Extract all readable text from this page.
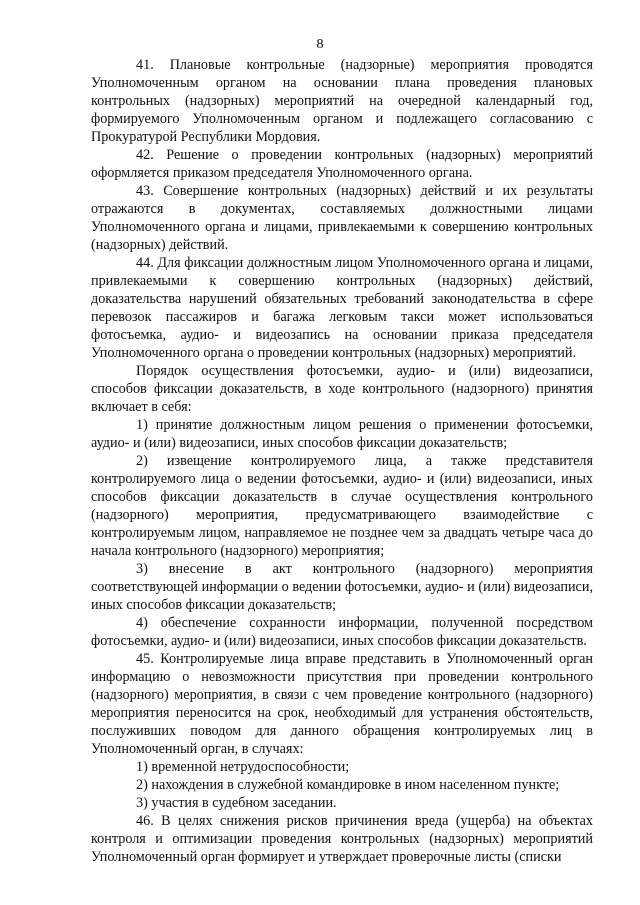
8

41. Плановые контрольные (надзорные) мероприятия проводятся Уполномоченным органом на основании плана проведения плановых контрольных (надзорных) мероприятий на очередной календарный год, формируемого Уполномоченным органом и подлежащего согласованию с Прокуратурой Республики Мордовия.

42. Решение о проведении контрольных (надзорных) мероприятий оформляется приказом председателя Уполномоченного органа.

43. Совершение контрольных (надзорных) действий и их результаты отражаются в документах, составляемых должностными лицами Уполномоченного органа и лицами, привлекаемыми к совершению контрольных (надзорных) действий.

44. Для фиксации должностным лицом Уполномоченного органа и лицами, привлекаемыми к совершению контрольных (надзорных) действий, доказательства нарушений обязательных требований законодательства в сфере перевозок пассажиров и багажа легковым такси может использоваться фотосъемка, аудио- и видеозапись на основании приказа председателя Уполномоченного органа о проведении контрольных (надзорных) мероприятий.

Порядок осуществления фотосъемки, аудио- и (или) видеозаписи, способов фиксации доказательств, в ходе контрольного (надзорного) принятия включает в себя:

1) принятие должностным лицом решения о применении фотосъемки, аудио- и (или) видеозаписи, иных способов фиксации доказательств;

2) извещение контролируемого лица, а также представителя контролируемого лица о ведении фотосъемки, аудио- и (или) видеозаписи, иных способов фиксации доказательств в случае осуществления контрольного (надзорного) мероприятия, предусматривающего взаимодействие с контролируемым лицом, направляемое не позднее чем за двадцать четыре часа до начала контрольного (надзорного) мероприятия;

3) внесение в акт контрольного (надзорного) мероприятия соответствующей информации о ведении фотосъемки, аудио- и (или) видеозаписи, иных способов фиксации доказательств;

4) обеспечение сохранности информации, полученной посредством фотосъемки, аудио- и (или) видеозаписи, иных способов фиксации доказательств.

45. Контролируемые лица вправе представить в Уполномоченный орган информацию о невозможности присутствия при проведении контрольного (надзорного) мероприятия, в связи с чем проведение контрольного (надзорного) мероприятия переносится на срок, необходимый для устранения обстоятельств, послуживших поводом для данного обращения контролируемых лиц в Уполномоченный орган, в случаях:

1) временной нетрудоспособности;

2) нахождения в служебной командировке в ином населенном пункте;

3) участия в судебном заседании.

46. В целях снижения рисков причинения вреда (ущерба) на объектах контроля и оптимизации проведения контрольных (надзорных) мероприятий Уполномоченный орган формирует и утверждает проверочные листы (списки
